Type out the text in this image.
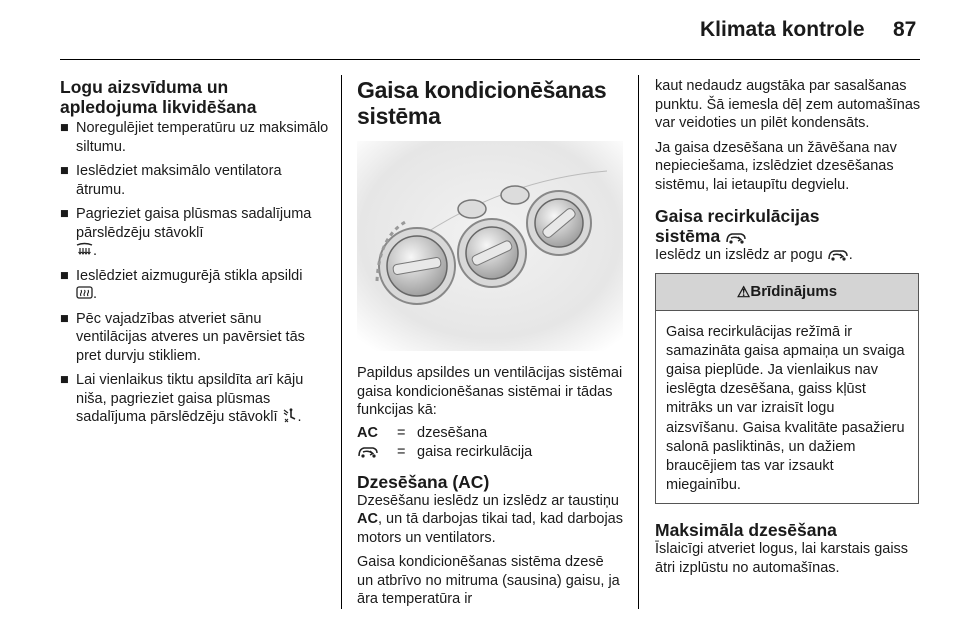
Klimata kontrole 87
Logu aizsvīduma un
apledojuma likvidēšana
■ Noregulējiet temperatūru uz maksimālo siltumu.
■ Ieslēdziet maksimālo ventilatora ātrumu.
■ Pagrieziet gaisa plūsmas sadalījuma pārslēdzēju stāvoklī
.
■ Ieslēdziet aizmugurējā stikla apsildi
.
■ Pēc vajadzības atveriet sānu ventilācijas atveres un pavērsiet tās pret durvju stikliem.
■ Lai vienlaikus tiktu apsildīta arī kāju niša, pagrieziet gaisa plūsmas sadalījuma pārslēdzēju stāvoklī .
Gaisa kondicionēšanas
sistēma

Papildus apsildes un ventilācijas sistēmai gaisa kondicionēšanas sistēmai ir tādas funkcijas kā:

AC	=	dzesēšana
	=	gaisa recirkulācija
Dzesēšana (AC)

Dzesēšanu ieslēdz un izslēdz ar taustiņu AC, un tā darbojas tikai tad, kad darbojas motors un ventilators.

Gaisa kondicionēšanas sistēma dzesē un atbrīvo no mitruma (sausina) gaisu, ja āra temperatūra ir

kaut nedaudz augstāka par sasalšanas punktu. Šā iemesla dēļ zem automašīnas var veidoties un pilēt kondensāts.

Ja gaisa dzesēšana un žāvēšana nav nepieciešama, izslēdziet dzesēšanas sistēmu, lai ietaupītu degvielu.

Gaisa recirkulācijas
sistēma

Ieslēdz un izslēdz ar pogu .

⚠ Brīdinājums
Gaisa recirkulācijas režīmā ir samazināta gaisa apmaiņa un svaiga gaisa pieplūde. Ja vienlaikus nav ieslēgta dzesēšana, gaiss kļūst mitrāks un var izraisīt logu aizsvīšanu. Gaisa kvalitāte pasažieru salonā pasliktinās, un dažiem braucējiem tas var izsaukt miegainību.
Maksimāla dzesēšana

Īslaicīgi atveriet logus, lai karstais gaiss ātri izplūstu no automašīnas.
